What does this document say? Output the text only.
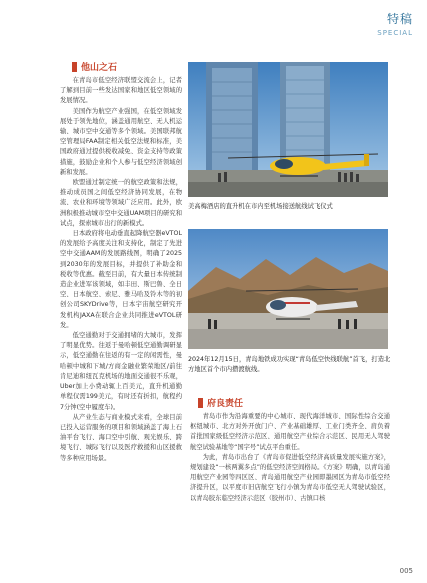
特稿
SPECIAL
他山之石

在青岛市低空经济联盟交流会上，记者了解到目前一些发达国家和地区低空领域的发展情况。

美国作为航空产业强国，在低空领域发展处于领先地位，涵盖通用航空、无人机运输、城市空中交通等多个领域。美国联邦航空管理局FAA制定相关低空法规和标准，美国政府通过提供税收减免、资金支持等政策措施，鼓励企业和个人参与低空经济领域创新和发展。

欧盟通过制定统一的航空政策和法规，推动成员国之间低空经济协同发展，在物流、农业和环境等领域广泛应用。此外，欧洲积极推动城市空中交通UAM项目的研究和试点，探索城市出行的新模式。

日本政府将电动垂直起降航空器eVTOL的发展给予高度关注和支持化，制定了先进空中交通AAM的发展路线图，明确了2025到2030年的发展目标，并提供了补助金和税收等优惠。截至目前，有大量日本传统制造企业进军该领域，如丰田、斯巴鲁、全日空、日本航空、索尼、雅马哈及铃木等的初创公司SKYDrive等，日本宇宙航空研究开发机构JAXA在联合企业共同推进eVTOL研发。

低空通勤对于交通拥堵的大城市，发挥了明显优势。往返于曼哈顿低空通勤调研显示，低空通勤在往返的有一定的闲需性，曼哈顿中城和下城/方商金融业繁荣地区/前往肯尼迪和纽瓦克机场的地面交通很不乐观，Uber加上小费动辄上百美元，直升机通勤单程仅需199美元，有时还有折扣，航程约7分钟(空中履度车)。

从产业生态与商业模式来看，全球目前已投入运营服务的项目和领域涵盖了海上石油平台飞行、海口空中引航、观光娱乐、跨境飞行、城际飞行以及医疗救援和山区援救等多种应用场景。

美高梅酒店的直升机在市内至机场接送航线试飞仪式
2024年12月15日，青岛地铁成功实现“青岛低空快线联航”首飞，打造北方地区首个市内攒渡航线。
府良责任

青岛市作为沿海重要的中心城市、现代海洋城市、国际性综合交通枢纽城市、北方对外开放门户、产业基础雄厚、工业门类齐全、肩负着首批国家级低空经济示范区、通用航空产业综合示范区、民用无人驾驶航空试验基地等“国字号”试点平台重任。

为此，青岛市出台了《青岛市促进低空经济高质量发展实施方案》，规划建设“一核两翼多点”的低空经济空间格局。《方案》明确，以青岛通用航空产业园等四区区、青岛通用航空产业园即墨园区为青岛市低空经济提升区，以平度市旧店航空飞行小镇为青岛市低空无人驾驶试验区，以青岛胶东临空经济示范区（胶州市）、古镇口核

005
